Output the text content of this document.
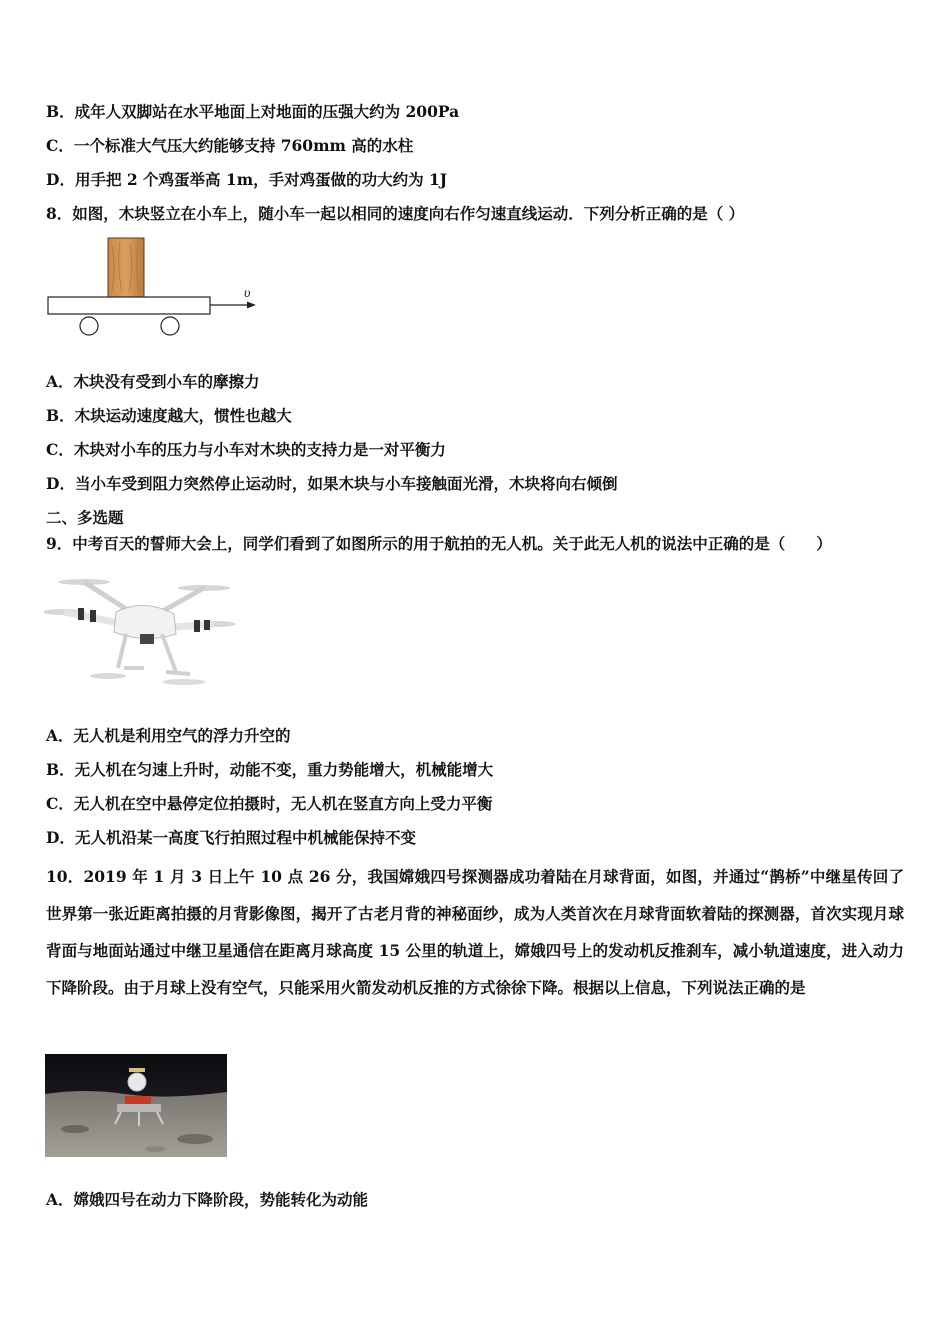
B．成年人双脚站在水平地面上对地面的压强大约为 200Pa
C．一个标准大气压大约能够支持 760mm 高的水柱
D．用手把 2 个鸡蛋举高 1m，手对鸡蛋做的功大约为 1J
8．如图，木块竖立在小车上，随小车一起以相同的速度向右作匀速直线运动．下列分析正确的是（ ）
υ
A．木块没有受到小车的摩擦力
B．木块运动速度越大，惯性也越大
C．木块对小车的压力与小车对木块的支持力是一对平衡力
D．当小车受到阻力突然停止运动时，如果木块与小车接触面光滑，木块将向右倾倒
二、多选题
9．中考百天的誓师大会上，同学们看到了如图所示的用于航拍的无人机。关于此无人机的说法中正确的是（　　）
A．无人机是利用空气的浮力升空的
B．无人机在匀速上升时，动能不变，重力势能增大，机械能增大
C．无人机在空中悬停定位拍摄时，无人机在竖直方向上受力平衡
D．无人机沿某一高度飞行拍照过程中机械能保持不变
10．2019 年 1 月 3 日上午 10 点 26 分，我国嫦娥四号探测器成功着陆在月球背面，如图，并通过“鹊桥”中继星传回了世界第一张近距离拍摄的月背影像图，揭开了古老月背的神秘面纱，成为人类首次在月球背面软着陆的探测器，首次实现月球背面与地面站通过中继卫星通信在距离月球高度 15 公里的轨道上，嫦娥四号上的发动机反推刹车，减小轨道速度，进入动力下降阶段。由于月球上没有空气，只能采用火箭发动机反推的方式徐徐下降。根据以上信息，下列说法正确的是
A．嫦娥四号在动力下降阶段，势能转化为动能
